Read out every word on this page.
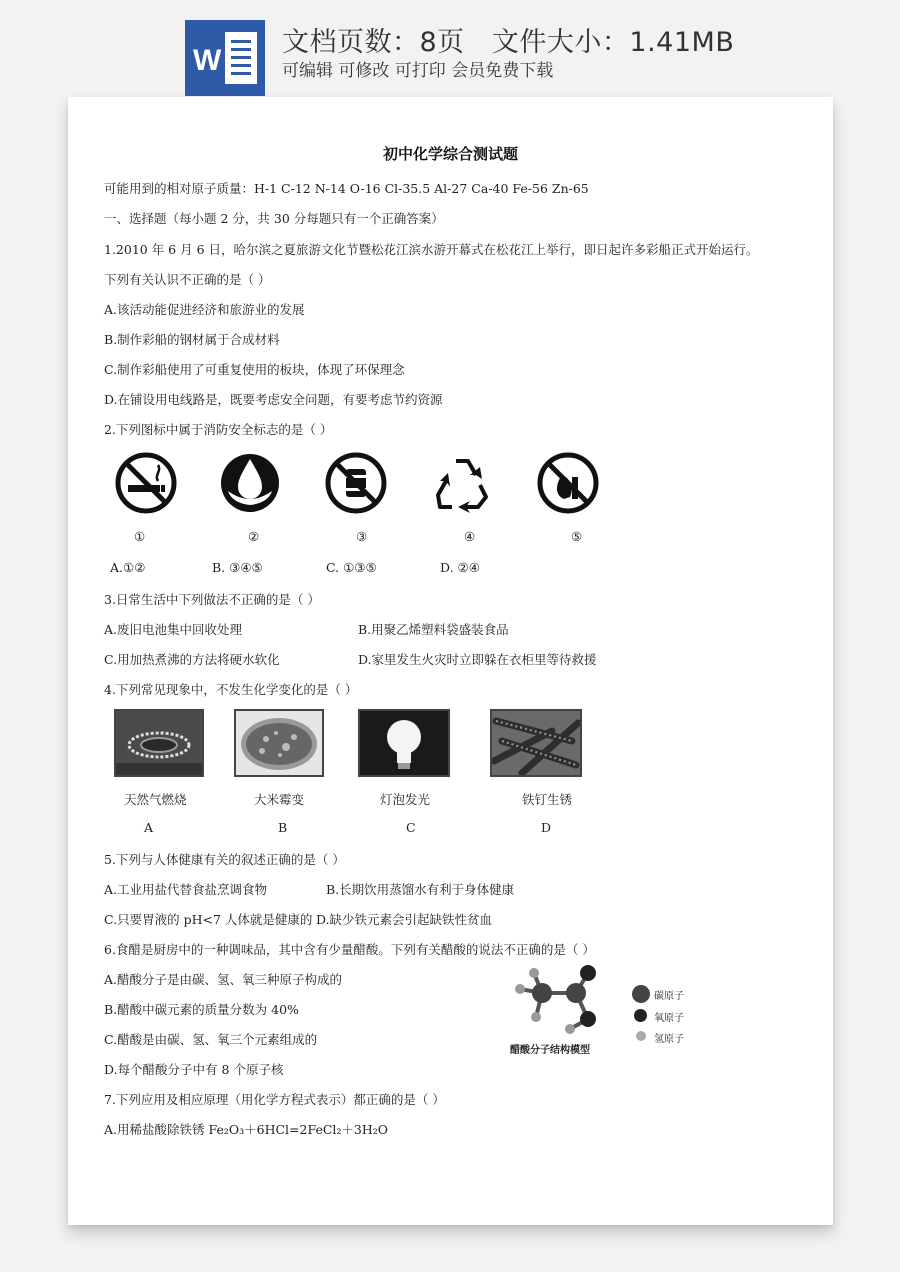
W
文档页数：8页   文件大小：1.41MB
可编辑 可修改 可打印 会员免费下载
初中化学综合测试题
可能用到的相对原子质量：H-1 C-12 N-14 O-16 Cl-35.5 Al-27 Ca-40 Fe-56 Zn-65
一、选择题（每小题 2 分，共 30 分每题只有一个正确答案）
1.2010 年 6 月 6 日，哈尔滨之夏旅游文化节暨松花江滨水游开幕式在松花江上举行，即日起许多彩船正式开始运行。
下列有关认识不正确的是（ ）
A.该活动能促进经济和旅游业的发展
B.制作彩船的钢材属于合成材料
C.制作彩船使用了可重复使用的板块，体现了环保理念
D.在铺设用电线路是，既要考虑安全问题，有要考虑节约资源
2.下列图标中属于消防安全标志的是（ ）
①	②	③	④	⑤
A.①②	B. ③④⑤	C. ①③⑤	D. ②④
3.日常生活中下列做法不正确的是（ ）
A.废旧电池集中回收处理	B.用聚乙烯塑料袋盛装食品
C.用加热煮沸的方法将硬水软化	D.家里发生火灾时立即躲在衣柜里等待救援
4.下列常见现象中，不发生化学变化的是（ ）
天然气燃烧	大米霉变	灯泡发光	铁钉生锈
A	B	C	D
5.下列与人体健康有关的叙述正确的是（ ）
A.工业用盐代替食盐烹调食物	B.长期饮用蒸馏水有利于身体健康
C.只要胃液的 pH<7 人体就是健康的 D.缺少铁元素会引起缺铁性贫血
6.食醋是厨房中的一种调味品，其中含有少量醋酸。下列有关醋酸的说法不正确的是（ ）
A.醋酸分子是由碳、氢、氧三种原子构成的
B.醋酸中碳元素的质量分数为 40%
C.醋酸是由碳、氢、氧三个元素组成的
D.每个醋酸分子中有 8 个原子核
醋酸分子结构模型
碳原子
氧原子
氢原子
7.下列应用及相应原理（用化学方程式表示）都正确的是（ ）
A.用稀盐酸除铁锈 Fe₂O₃＋6HCl=2FeCl₂＋3H₂O
